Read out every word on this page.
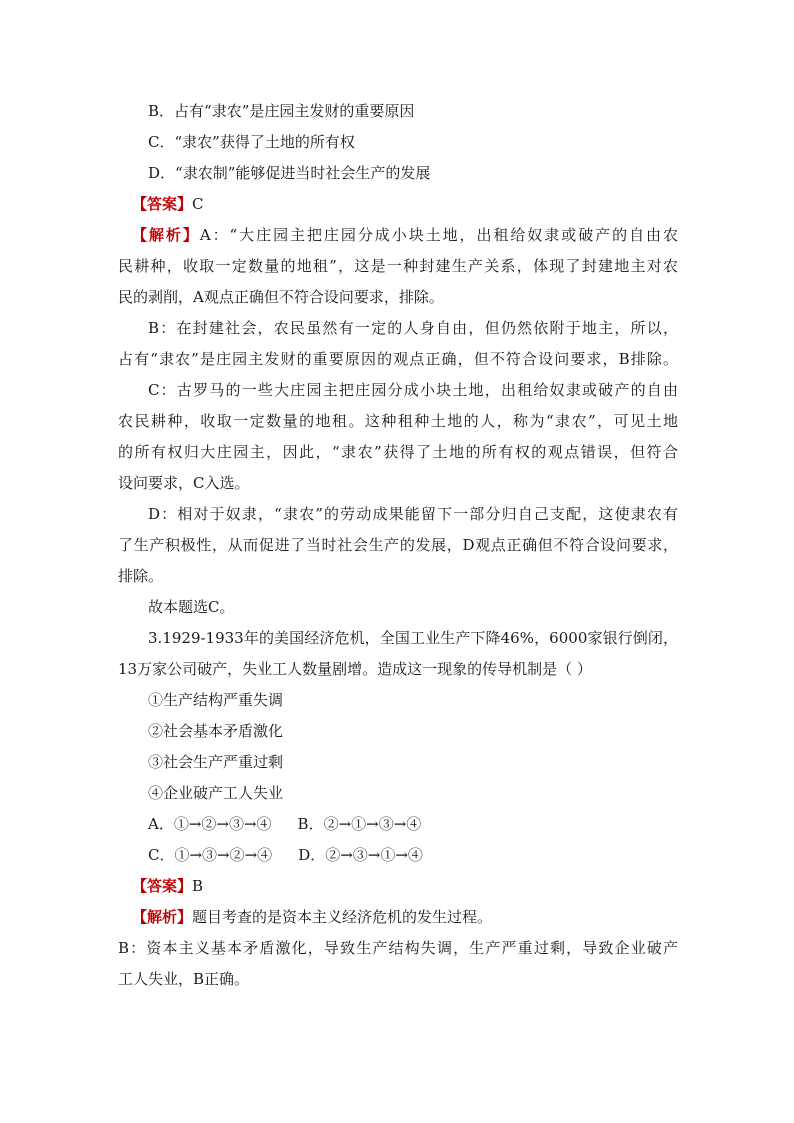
B．占有“隶农”是庄园主发财的重要原因
C．“隶农”获得了土地的所有权
D．“隶农制”能够促进当时社会生产的发展
【答案】C
【解析】A：“大庄园主把庄园分成小块土地，出租给奴隶或破产的自由农
民耕种，收取一定数量的地租”，这是一种封建生产关系，体现了封建地主对农
民的剥削，A观点正确但不符合设问要求，排除。
B：在封建社会，农民虽然有一定的人身自由，但仍然依附于地主，所以，
占有“隶农”是庄园主发财的重要原因的观点正确，但不符合设问要求，B排除。
C：古罗马的一些大庄园主把庄园分成小块土地，出租给奴隶或破产的自由
农民耕种，收取一定数量的地租。这种租种土地的人，称为“隶农”，可见土地
的所有权归大庄园主，因此，“隶农”获得了土地的所有权的观点错误，但符合
设问要求，C入选。
D：相对于奴隶，“隶农”的劳动成果能留下一部分归自己支配，这使隶农有
了生产积极性，从而促进了当时社会生产的发展，D观点正确但不符合设问要求，
排除。
故本题选C。
3.1929-1933年的美国经济危机，全国工业生产下降46%，6000家银行倒闭，
13万家公司破产，失业工人数量剧增。造成这一现象的传导机制是（ ）
①生产结构严重失调
②社会基本矛盾激化
③社会生产严重过剩
④企业破产工人失业
A．①→②→③→④ B．②→①→③→④
C．①→③→②→④ D．②→③→①→④
【答案】B
【解析】题目考查的是资本主义经济危机的发生过程。
B：资本主义基本矛盾激化，导致生产结构失调，生产严重过剩，导致企业破产
工人失业，B正确。
